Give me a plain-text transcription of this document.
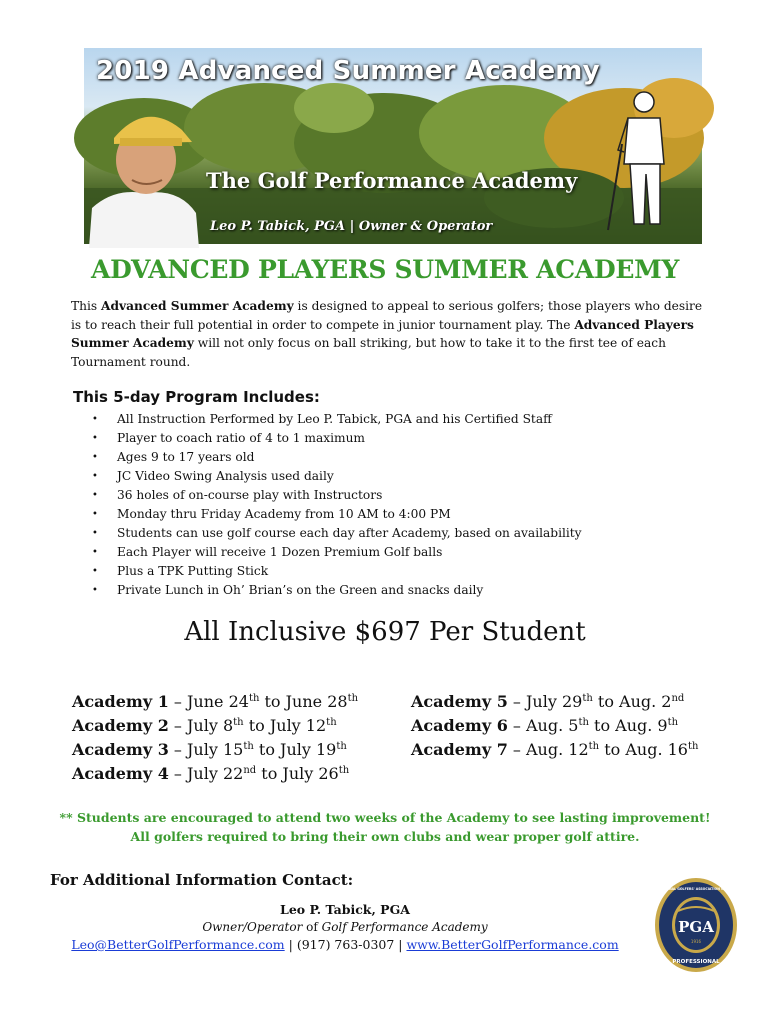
2019 Advanced Summer Academy
The Golf Performance Academy
Leo P. Tabick, PGA | Owner & Operator
ADVANCED PLAYERS SUMMER ACADEMY
This Advanced Summer Academy is designed to appeal to serious golfers; those players who desire is to reach their full potential in order to compete in junior tournament play. The Advanced Players Summer Academy will not only focus on ball striking, but how to take it to the first tee of each Tournament round.
This 5-day Program Includes:
•	All Instruction Performed by Leo P. Tabick, PGA and his Certified Staff
•	Player to coach ratio of 4 to 1 maximum
•	Ages 9 to 17 years old
•	JC Video Swing Analysis used daily
•	36 holes of on-course play with Instructors
•	Monday thru Friday Academy from 10 AM to 4:00 PM
•	Students can use golf course each day after Academy, based on availability
•	Each Player will receive 1 Dozen Premium Golf balls
•	Plus a TPK Putting Stick
•	Private Lunch in Oh’ Brian’s on the Green and snacks daily
All Inclusive $697 Per Student
Academy 1 – June 24th to June 28th
Academy 2 – July 8th to July 12th
Academy 3 – July 15th to July 19th
Academy 4 – July 22nd to July 26th
Academy 5 – July 29th to Aug. 2nd
Academy 6 – Aug. 5th to Aug. 9th
Academy 7 – Aug. 12th to Aug. 16th
** Students are encouraged to attend two weeks of the Academy to see lasting improvement!
All golfers required to bring their own clubs and wear proper golf attire.
For Additional Information Contact:
Leo P. Tabick, PGA
Owner/Operator of Golf Performance Academy
Leo@BetterGolfPerformance.com | (917) 763-0307 | www.BetterGolfPerformance.com
PGA
1916
PROFESSIONAL
PROFESSIONAL GOLFERS' ASSOCIATION OF AMERICA
